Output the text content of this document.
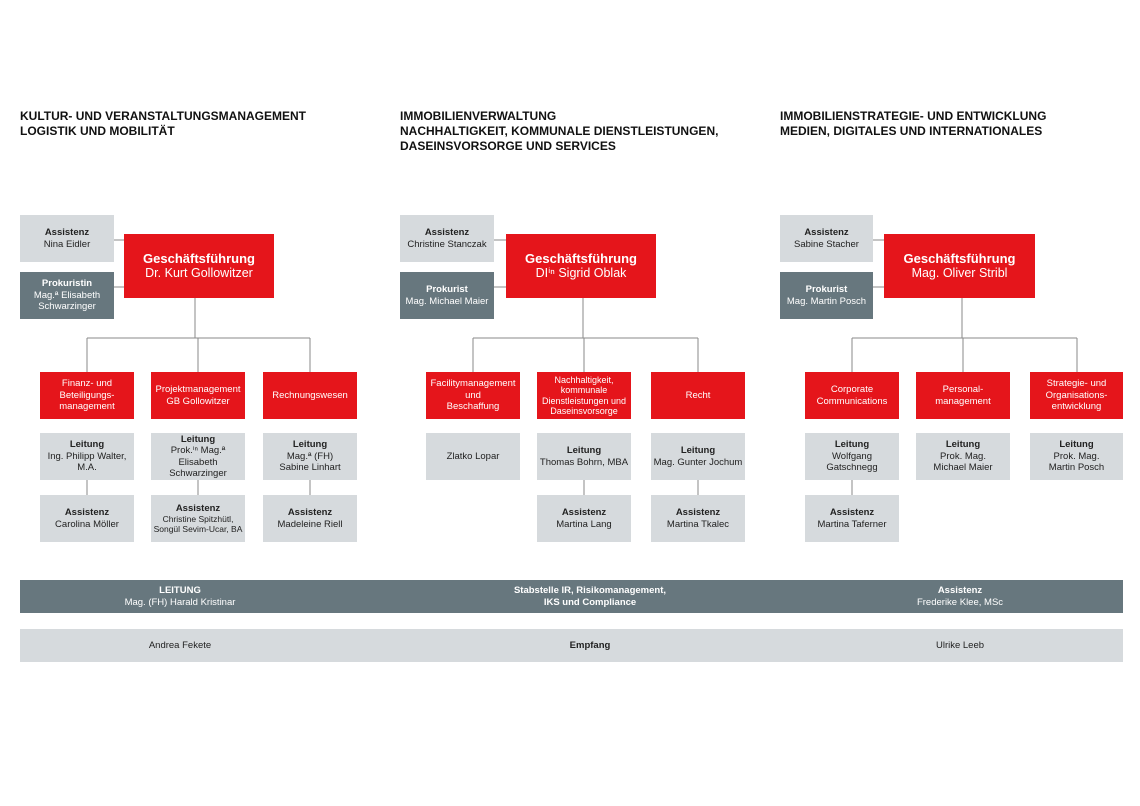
KULTUR- UND VERANSTALTUNGSMANAGEMENT
LOGISTIK UND MOBILITÄT
Assistenz
Nina Eidler
Prokuristin
Mag.ª Elisabeth
Schwarzinger
Geschäftsführung
Dr. Kurt Gollowitzer
Finanz- und
Beteiligungs-
management
Projektmanagement
GB Gollowitzer
Rechnungswesen
Leitung
Ing. Philipp Walter,
M.A.
Leitung
Prok.ⁱⁿ Mag.ª
Elisabeth
Schwarzinger
Leitung
Mag.ª (FH)
Sabine Linhart
Assistenz
Carolina Möller
Assistenz
Christine Spitzhütl,
Songül Sevim-Ucar, BA
Assistenz
Madeleine Riell
IMMOBILIENVERWALTUNG
NACHHALTIGKEIT, KOMMUNALE DIENSTLEISTUNGEN,
DASEINSVORSORGE UND SERVICES
Assistenz
Christine Stanczak
Prokurist
Mag. Michael Maier
Geschäftsführung
DIⁱⁿ Sigrid Oblak
Facilitymanagement
und
Beschaffung
Nachhaltigkeit,
kommunale
Dienstleistungen und
Daseinsvorsorge
Recht
Zlatko Lopar
Leitung
Thomas Bohrn, MBA
Leitung
Mag. Gunter Jochum
Assistenz
Martina Lang
Assistenz
Martina Tkalec
IMMOBILIENSTRATEGIE- UND ENTWICKLUNG
MEDIEN, DIGITALES UND INTERNATIONALES
Assistenz
Sabine Stacher
Prokurist
Mag. Martin Posch
Geschäftsführung
Mag. Oliver Stribl
Corporate
Communications
Personal-
management
Strategie- und
Organisations-
entwicklung
Leitung
Wolfgang
Gatschnegg
Leitung
Prok. Mag.
Michael Maier
Leitung
Prok. Mag.
Martin Posch
Assistenz
Martina Taferner
LEITUNG
Mag. (FH) Harald Kristinar
Stabstelle IR, Risikomanagement,
IKS und Compliance
Assistenz
Frederike Klee, MSc
Andrea Fekete	Empfang	Ulrike Leeb
